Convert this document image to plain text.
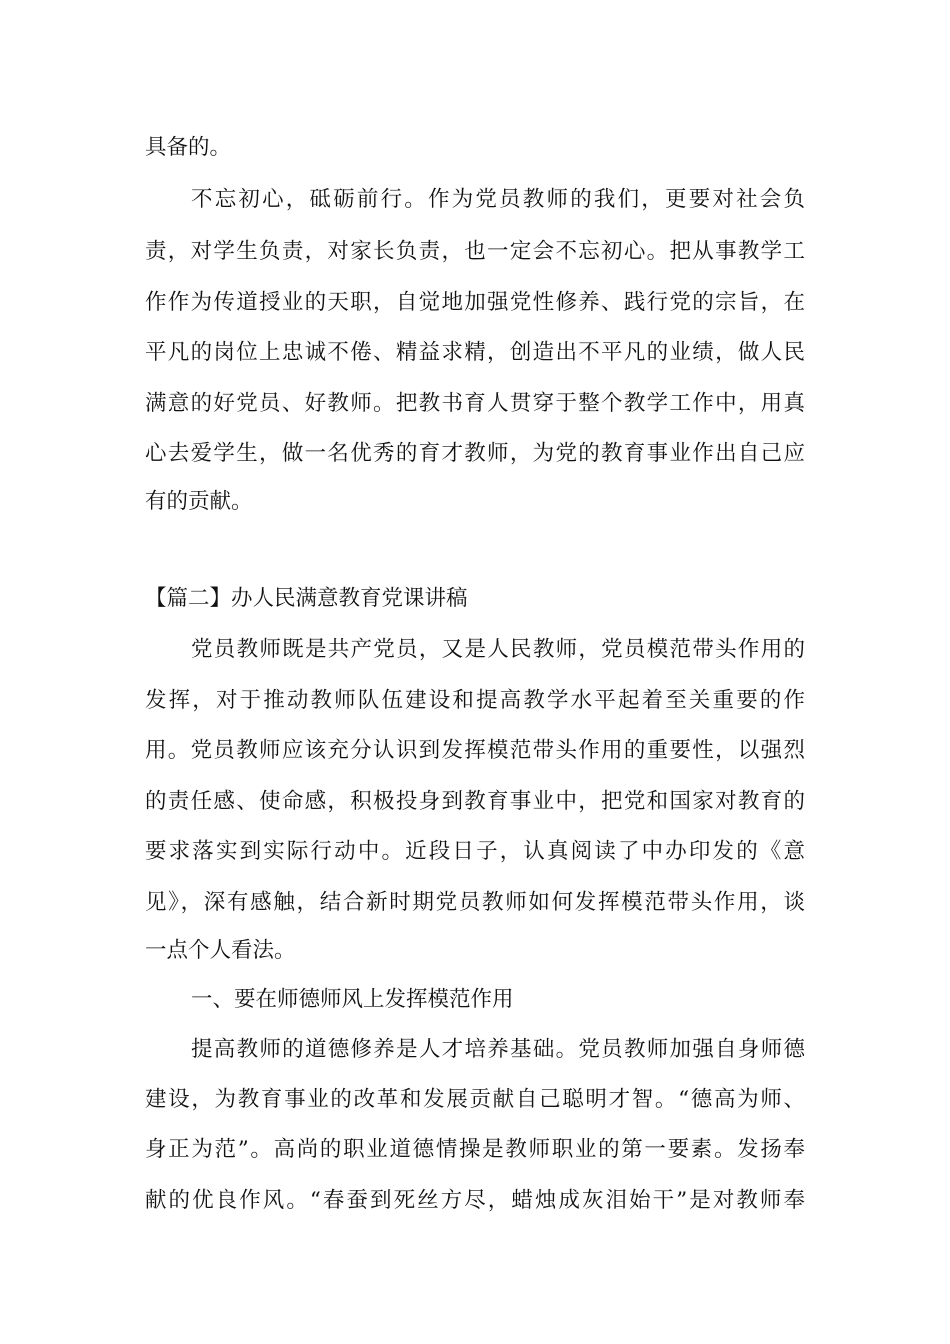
具备的。
不忘初心，砥砺前行。作为党员教师的我们，更要对社会负
责，对学生负责，对家长负责，也一定会不忘初心。把从事教学工
作作为传道授业的天职，自觉地加强党性修养、践行党的宗旨，在
平凡的岗位上忠诚不倦、精益求精，创造出不平凡的业绩，做人民
满意的好党员、好教师。把教书育人贯穿于整个教学工作中，用真
心去爱学生，做一名优秀的育才教师，为党的教育事业作出自己应
有的贡献。
【篇二】办人民满意教育党课讲稿
党员教师既是共产党员，又是人民教师，党员模范带头作用的
发挥，对于推动教师队伍建设和提高教学水平起着至关重要的作
用。党员教师应该充分认识到发挥模范带头作用的重要性，以强烈
的责任感、使命感，积极投身到教育事业中，把党和国家对教育的
要求落实到实际行动中。近段日子，认真阅读了中办印发的《意
见》，深有感触，结合新时期党员教师如何发挥模范带头作用，谈
一点个人看法。
一、要在师德师风上发挥模范作用
提高教师的道德修养是人才培养基础。党员教师加强自身师德
建设，为教育事业的改革和发展贡献自己聪明才智。“德高为师、
身正为范”。高尚的职业道德情操是教师职业的第一要素。发扬奉
献的优良作风。“春蚕到死丝方尽，蜡烛成灰泪始干”是对教师奉
